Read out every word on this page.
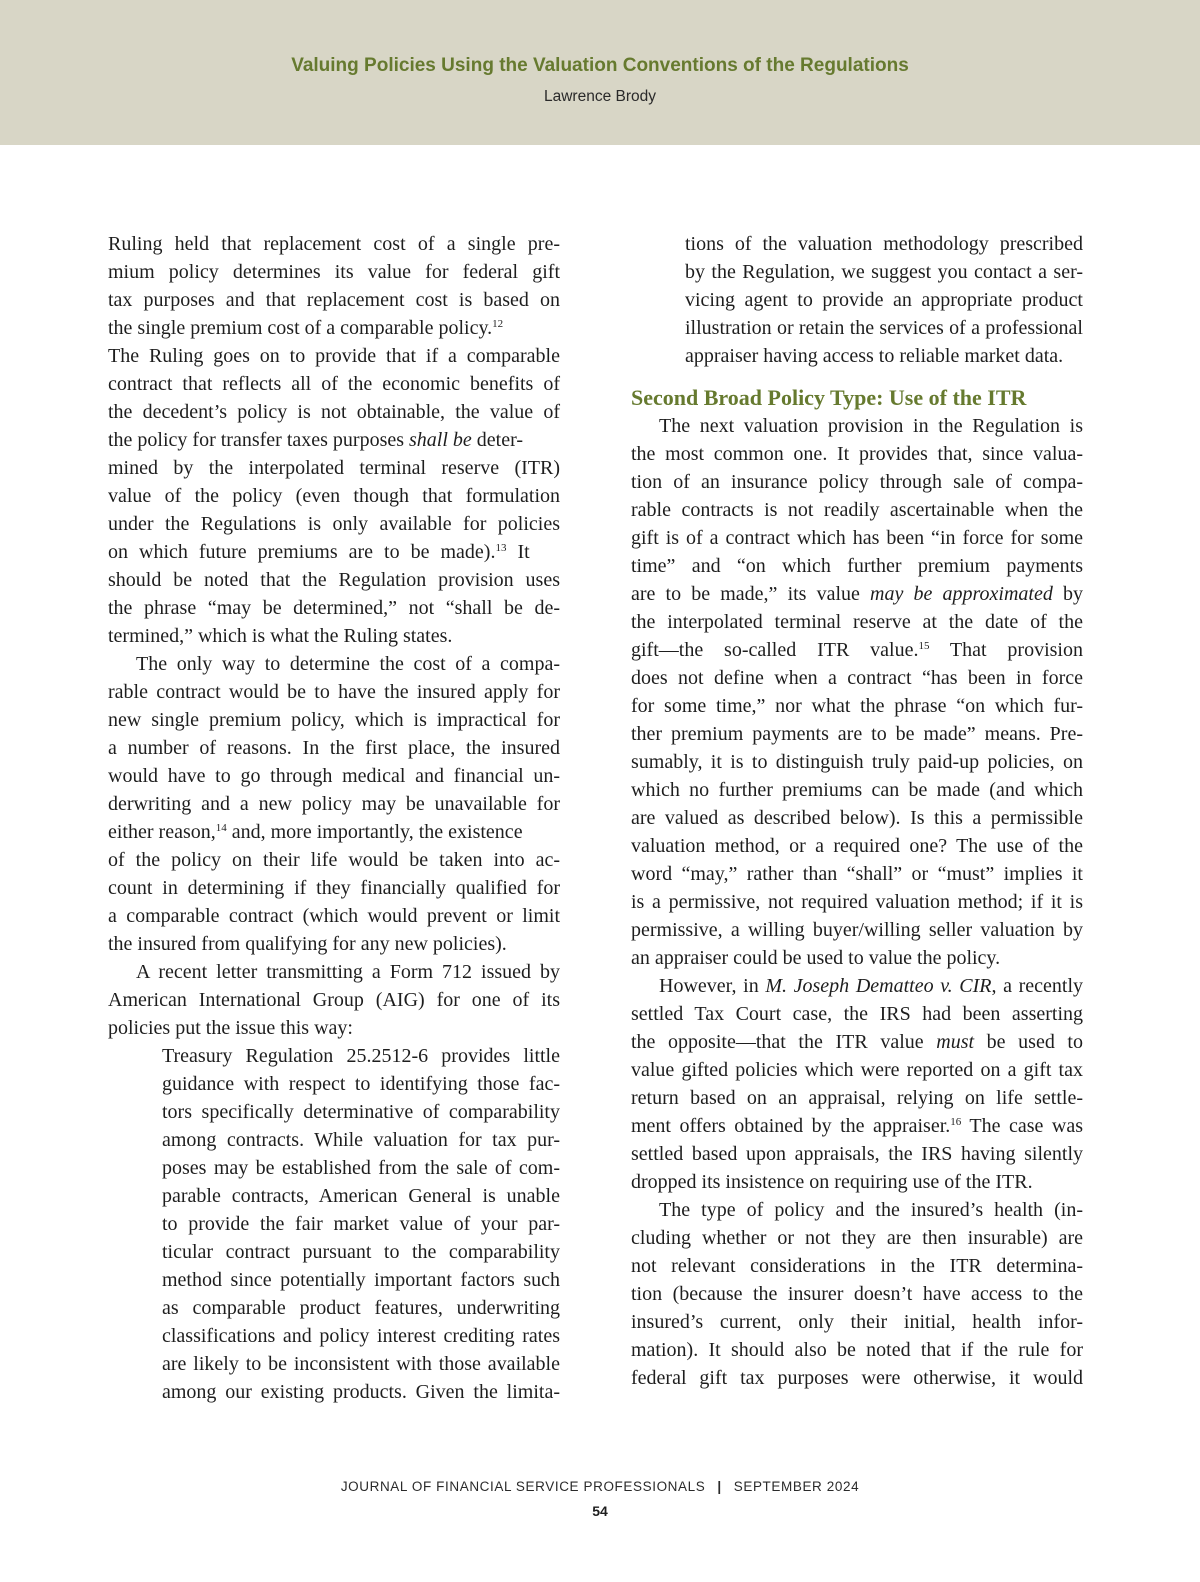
Valuing Policies Using the Valuation Conventions of the Regulations
Lawrence Brody
Ruling held that replacement cost of a single pre-
mium policy determines its value for federal gift
tax purposes and that replacement cost is based on
the single premium cost of a comparable policy.$^{12}$
The Ruling goes on to provide that if a comparable
contract that reflects all of the economic benefits of
the decedent’s policy is not obtainable, the value of
the policy for transfer taxes purposes shall be deter-
mined by the interpolated terminal reserve (ITR)
value of the policy (even though that formulation
under the Regulations is only available for policies
on which future premiums are to be made).$^{13}$ It
should be noted that the Regulation provision uses
the phrase “may be determined,” not “shall be de-
termined,” which is what the Ruling states.
The only way to determine the cost of a compa-
rable contract would be to have the insured apply for
new single premium policy, which is impractical for
a number of reasons. In the first place, the insured
would have to go through medical and financial un-
derwriting and a new policy may be unavailable for
either reason,$^{14}$ and, more importantly, the existence
of the policy on their life would be taken into ac-
count in determining if they financially qualified for
a comparable contract (which would prevent or limit
the insured from qualifying for any new policies).
A recent letter transmitting a Form 712 issued by
American International Group (AIG) for one of its
policies put the issue this way:
Treasury Regulation 25.2512-6 provides little
guidance with respect to identifying those fac-
tors specifically determinative of comparability
among contracts. While valuation for tax pur-
poses may be established from the sale of com-
parable contracts, American General is unable
to provide the fair market value of your par-
ticular contract pursuant to the comparability
method since potentially important factors such
as comparable product features, underwriting
classifications and policy interest crediting rates
are likely to be inconsistent with those available
among our existing products. Given the limita-
tions of the valuation methodology prescribed
by the Regulation, we suggest you contact a ser-
vicing agent to provide an appropriate product
illustration or retain the services of a professional
appraiser having access to reliable market data.
Second Broad Policy Type: Use of the ITR
The next valuation provision in the Regulation is
the most common one. It provides that, since valua-
tion of an insurance policy through sale of compa-
rable contracts is not readily ascertainable when the
gift is of a contract which has been “in force for some
time” and “on which further premium payments
are to be made,” its value may be approximated by
the interpolated terminal reserve at the date of the
gift—the so-called ITR value.$^{15}$ That provision
does not define when a contract “has been in force
for some time,” nor what the phrase “on which fur-
ther premium payments are to be made” means. Pre-
sumably, it is to distinguish truly paid-up policies, on
which no further premiums can be made (and which
are valued as described below). Is this a permissible
valuation method, or a required one? The use of the
word “may,” rather than “shall” or “must” implies it
is a permissive, not required valuation method; if it is
permissive, a willing buyer/willing seller valuation by
an appraiser could be used to value the policy.
However, in M. Joseph Dematteo v. CIR, a recently
settled Tax Court case, the IRS had been asserting
the opposite—that the ITR value must be used to
value gifted policies which were reported on a gift tax
return based on an appraisal, relying on life settle-
ment offers obtained by the appraiser.$^{16}$ The case was
settled based upon appraisals, the IRS having silently
dropped its insistence on requiring use of the ITR.
The type of policy and the insured’s health (in-
cluding whether or not they are then insurable) are
not relevant considerations in the ITR determina-
tion (because the insurer doesn’t have access to the
insured’s current, only their initial, health infor-
mation). It should also be noted that if the rule for
federal gift tax purposes were otherwise, it would
JOURNAL OF FINANCIAL SERVICE PROFESSIONALS | SEPTEMBER 2024
54
